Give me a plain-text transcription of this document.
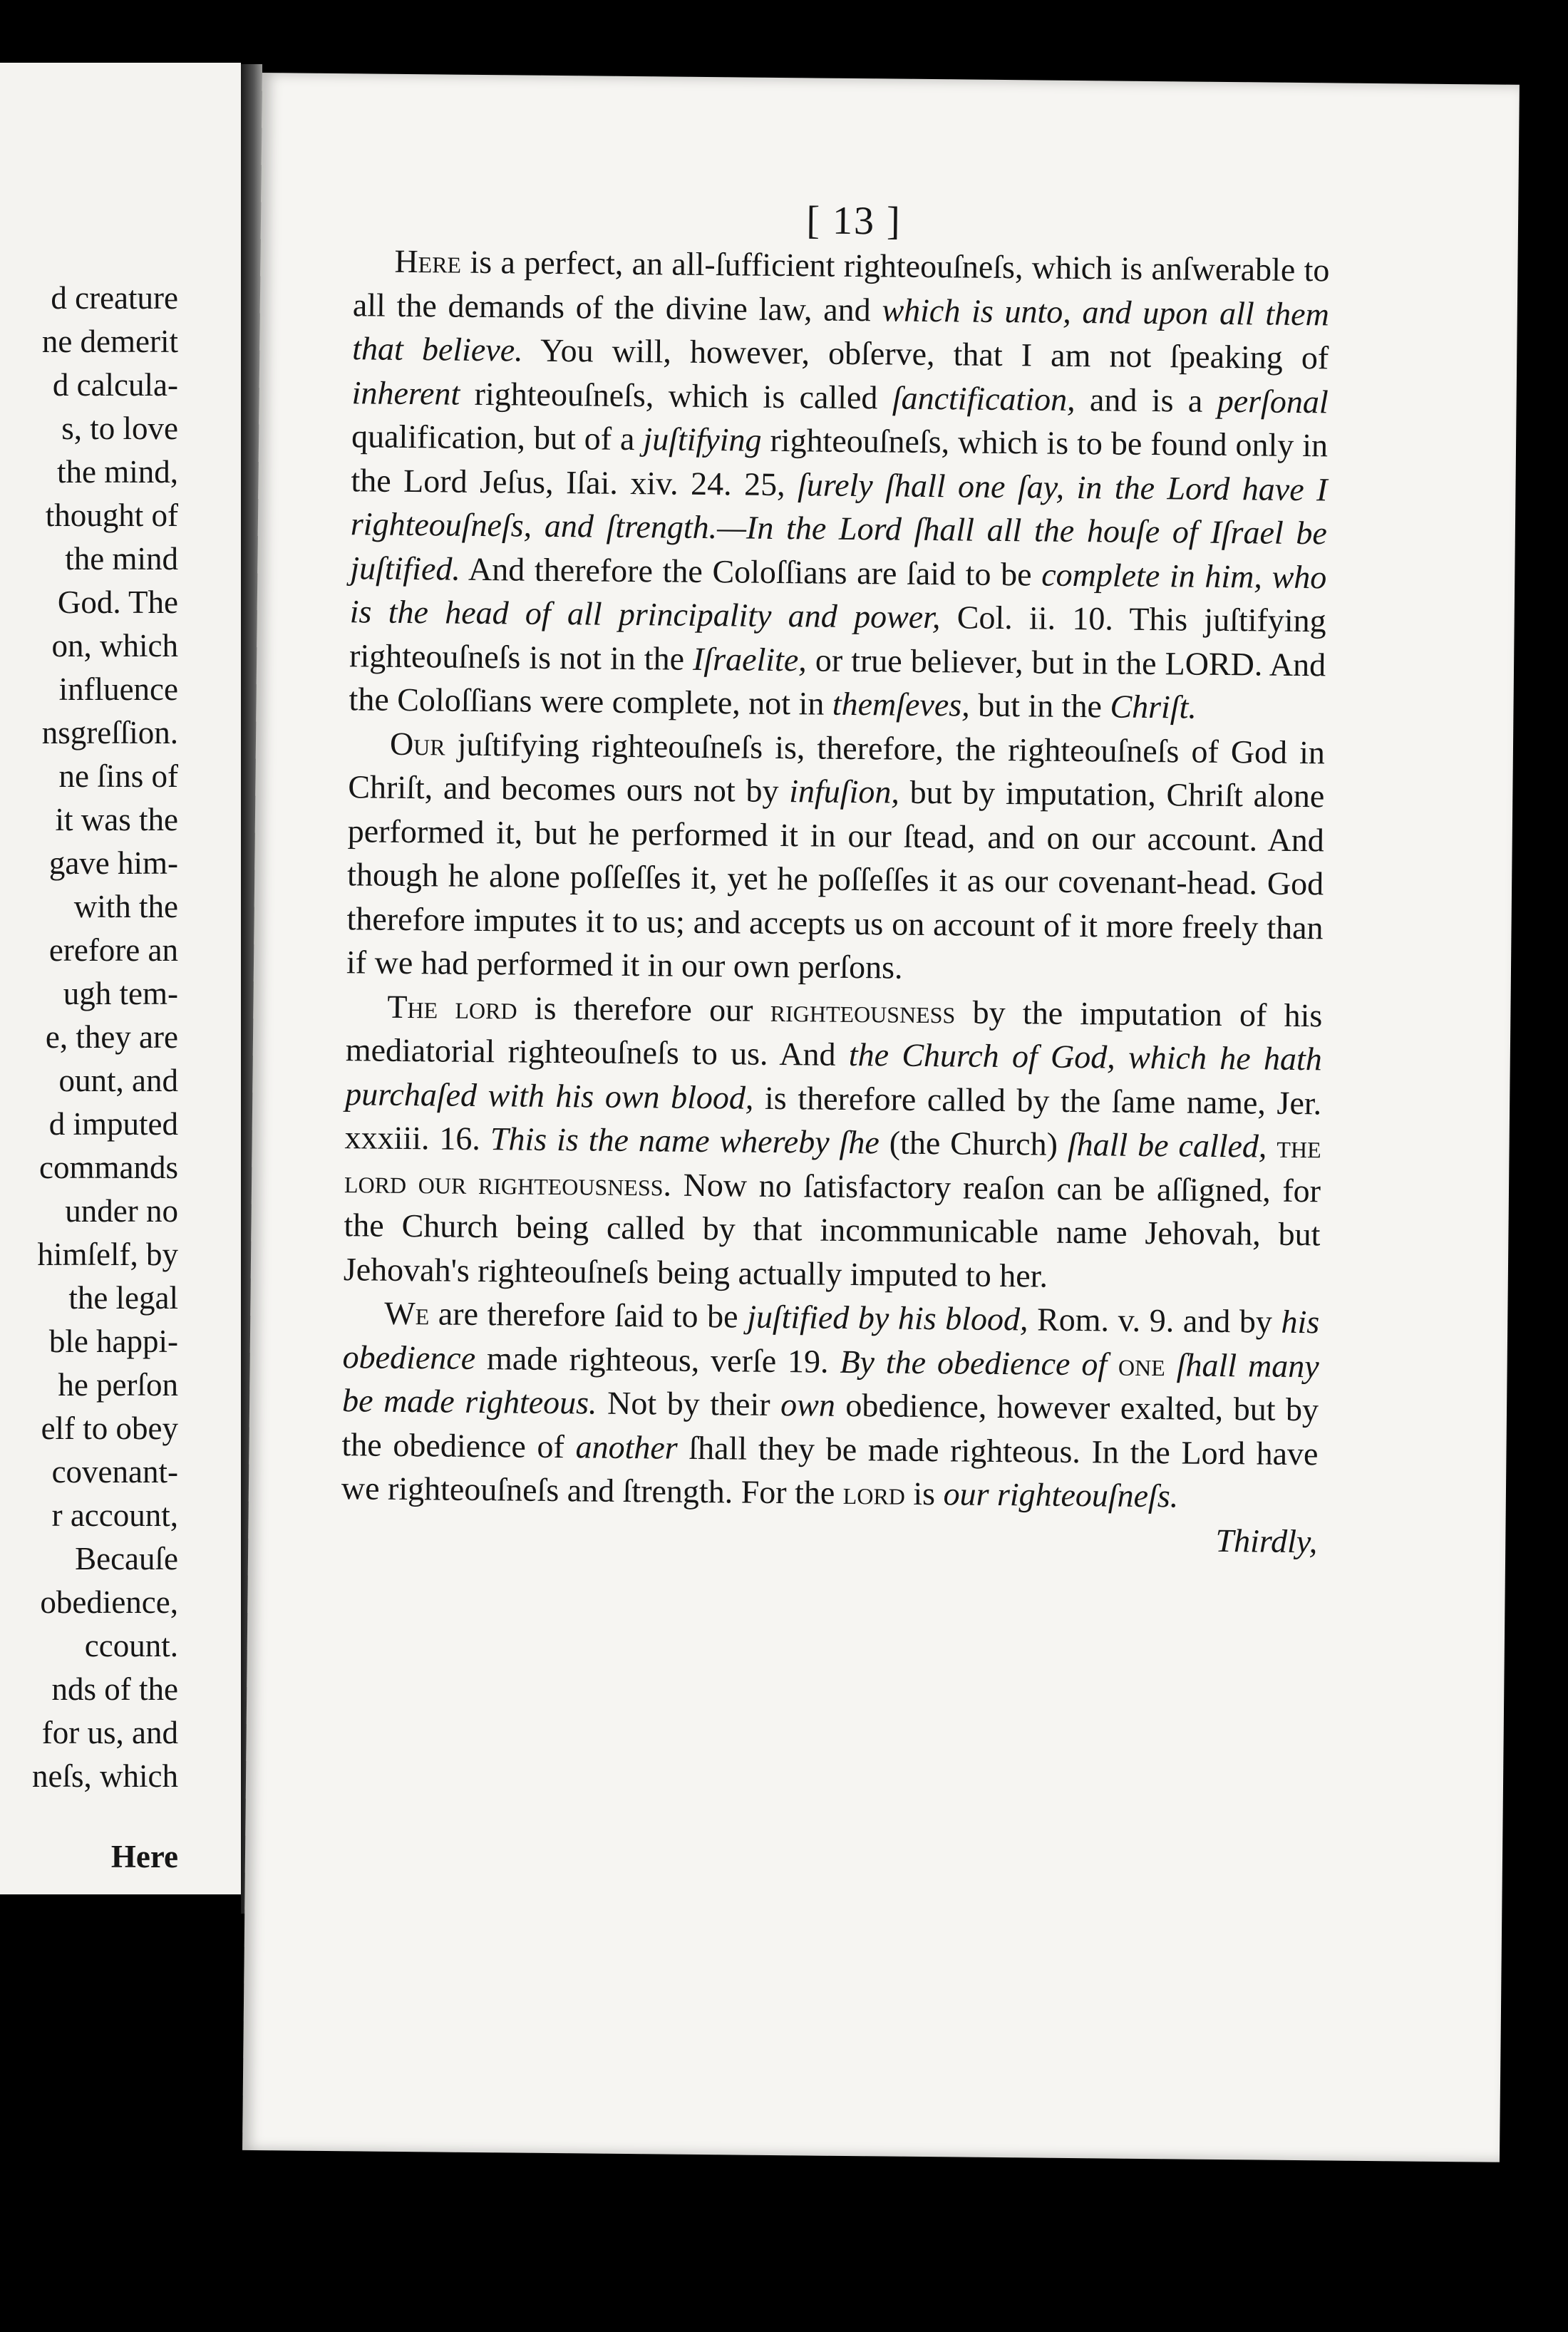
d creature
ne demerit
d calcula-
s, to love
the mind,
thought of
the mind
God. The
on, which
influence
nsgreſſion.
ne ſins of
it was the
gave him-
with the
erefore an
ugh tem-
e, they are
ount, and
d imputed
commands
under no
himſelf, by
the legal
ble happi-
he perſon
elf to obey
covenant-
r account,
Becauſe
obedience,
ccount.
nds of the
for us, and
neſs, which
Here
[ 13 ]

Here is a perfect, an all-ſufficient righteouſneſs, which is anſwerable to all the demands of the divine law, and which is unto, and upon all them that believe. You will, however, obſerve, that I am not ſpeaking of inherent righteouſneſs, which is called ſanctification, and is a perſonal qualification, but of a juſtifying righteouſneſs, which is to be found only in the Lord Jeſus, Iſai. xiv. 24. 25, ſurely ſhall one ſay, in the Lord have I righteouſneſs, and ſtrength.—In the Lord ſhall all the houſe of Iſrael be juſtified. And therefore the Coloſſians are ſaid to be complete in him, who is the head of all principality and power, Col. ii. 10. This juſtifying righteouſneſs is not in the Iſraelite, or true believer, but in the LORD. And the Coloſſians were complete, not in themſeves, but in the Chriſt.

Our juſtifying righteouſneſs is, therefore, the righteouſneſs of God in Chriſt, and becomes ours not by infuſion, but by imputation, Chriſt alone performed it, but he performed it in our ſtead, and on our account. And though he alone poſſeſſes it, yet he poſſeſſes it as our covenant-head. God therefore imputes it to us; and accepts us on account of it more freely than if we had performed it in our own perſons.

The lord is therefore our righteousness by the imputation of his mediatorial righteouſneſs to us. And the Church of God, which he hath purchaſed with his own blood, is therefore called by the ſame name, Jer. xxxiii. 16. This is the name whereby ſhe (the Church) ſhall be called, the lord our righteousness. Now no ſatisfactory reaſon can be aſſigned, for the Church being called by that incommunicable name Jehovah, but Jehovah's righteouſneſs being actually imputed to her.

We are therefore ſaid to be juſtified by his blood, Rom. v. 9. and by his obedience made righteous, verſe 19. By the obedience of one ſhall many be made righteous. Not by their own obedience, however exalted, but by the obedience of another ſhall they be made righteous. In the Lord have we righteouſneſs and ſtrength. For the lord is our righteouſneſs.

Thirdly,
